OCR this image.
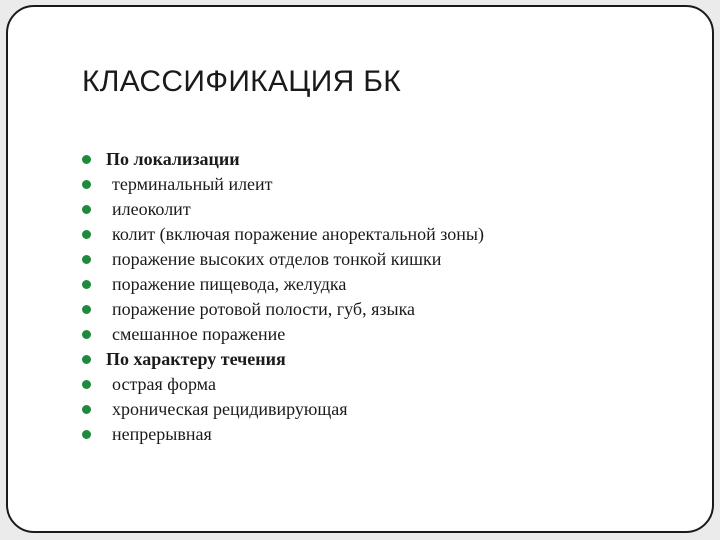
КЛАССИФИКАЦИЯ БК
По локализации
терминальный илеит
илеоколит
колит (включая поражение аноректальной зоны)
поражение высоких отделов тонкой кишки
поражение пищевода, желудка
поражение ротовой полости, губ, языка
смешанное поражение
По характеру течения
острая форма
хроническая рецидивирующая
непрерывная
